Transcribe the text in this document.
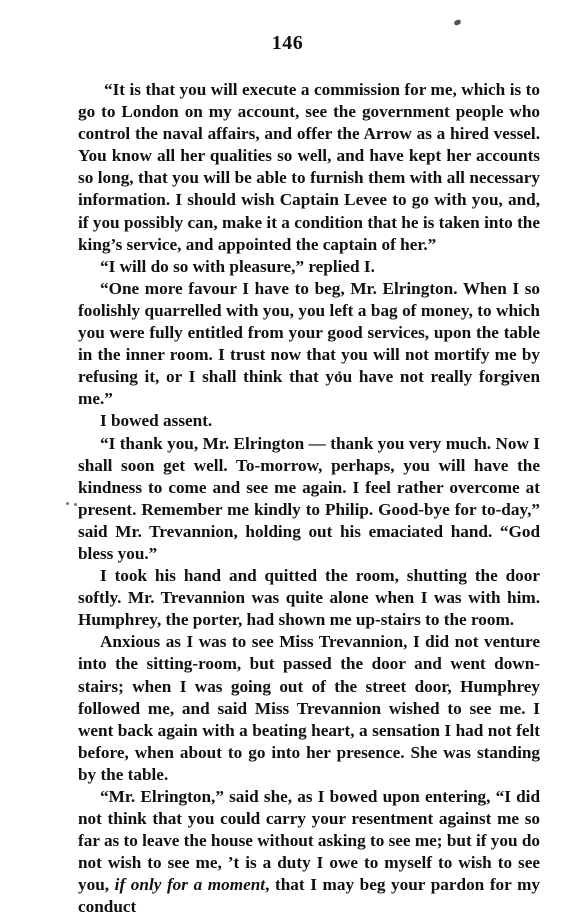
146

“It is that you will execute a commission for me, which is to go to London on my account, see the government people who control the naval affairs, and offer the Arrow as a hired vessel. You know all her qualities so well, and have kept her accounts so long, that you will be able to furnish them with all necessary information. I should wish Captain Levee to go with you, and, if you possibly can, make it a condition that he is taken into the king’s service, and appointed the captain of her.”

“I will do so with pleasure,” replied I.

“One more favour I have to beg, Mr. Elrington. When I so foolishly quarrelled with you, you left a bag of money, to which you were fully entitled from your good services, upon the table in the inner room. I trust now that you will not mortify me by refusing it, or I shall think that you have not really forgiven me.”

I bowed assent.

“I thank you, Mr. Elrington — thank you very much. Now I shall soon get well. To-morrow, perhaps, you will have the kindness to come and see me again. I feel rather overcome at present. Remember me kindly to Philip. Good-bye for to-day,” said Mr. Trevannion, holding out his emaciated hand. “God bless you.”

I took his hand and quitted the room, shutting the door softly. Mr. Trevannion was quite alone when I was with him. Humphrey, the porter, had shown me up-stairs to the room.

Anxious as I was to see Miss Trevannion, I did not venture into the sitting-room, but passed the door and went down-stairs; when I was going out of the street door, Humphrey followed me, and said Miss Trevannion wished to see me. I went back again with a beating heart, a sensation I had not felt before, when about to go into her presence. She was standing by the table.

“Mr. Elrington,” said she, as I bowed upon entering, “I did not think that you could carry your resentment against me so far as to leave the house without asking to see me; but if you do not wish to see me, ’t is a duty I owe to myself to wish to see you, if only for a moment, that I may beg your pardon for my conduct
